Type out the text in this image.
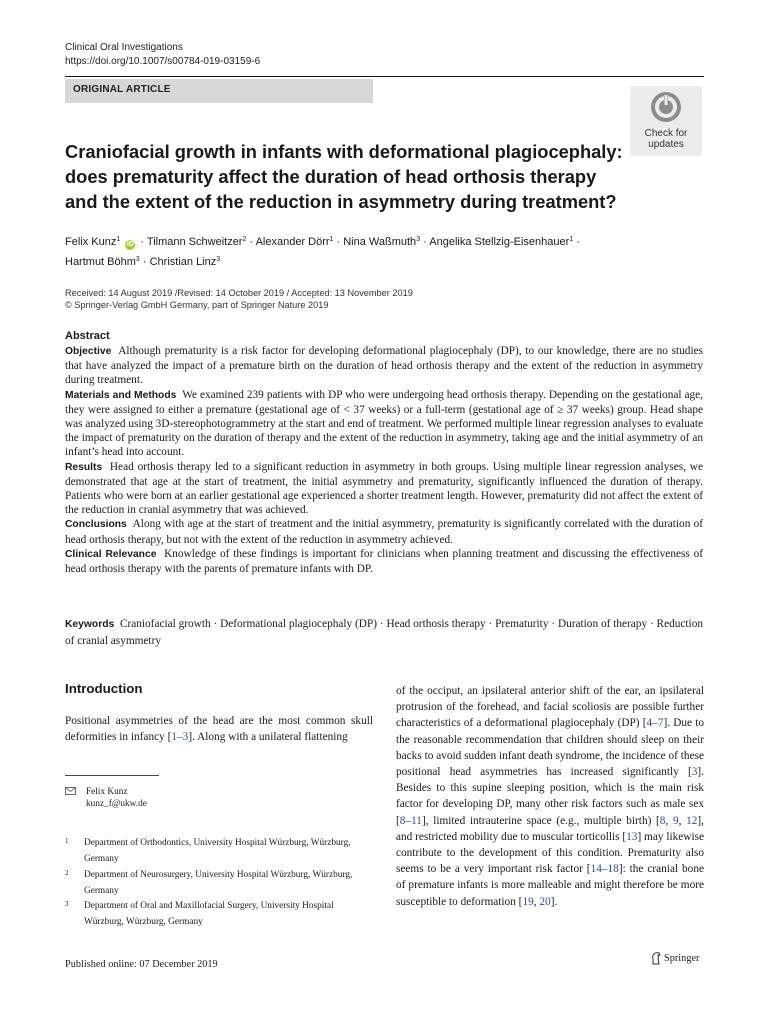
Clinical Oral Investigations
https://doi.org/10.1007/s00784-019-03159-6
ORIGINAL ARTICLE
Check for
updates
Craniofacial growth in infants with deformational plagiocephaly:
does prematurity affect the duration of head orthosis therapy
and the extent of the reduction in asymmetry during treatment?
Felix Kunz$^1$ iD · Tilmann Schweitzer$^2$ · Alexander Dörr$^1$ · Nina Waßmuth$^3$ · Angelika Stellzig-Eisenhauer$^1$ ·
Hartmut Böhm$^3$ · Christian Linz$^3$
Received: 14 August 2019 /Revised: 14 October 2019 / Accepted: 13 November 2019
© Springer-Verlag GmbH Germany, part of Springer Nature 2019
Abstract

Objective Although prematurity is a risk factor for developing deformational plagiocephaly (DP), to our knowledge, there are no studies that have analyzed the impact of a premature birth on the duration of head orthosis therapy and the extent of the reduction in asymmetry during treatment.

Materials and Methods We examined 239 patients with DP who were undergoing head orthosis therapy. Depending on the gestational age, they were assigned to either a premature (gestational age of < 37 weeks) or a full-term (gestational age of ≥ 37 weeks) group. Head shape was analyzed using 3D-stereophotogrammetry at the start and end of treatment. We performed multiple linear regression analyses to evaluate the impact of prematurity on the duration of therapy and the extent of the reduction in asymmetry, taking age and the initial asymmetry of an infant’s head into account.

Results Head orthosis therapy led to a significant reduction in asymmetry in both groups. Using multiple linear regression analyses, we demonstrated that age at the start of treatment, the initial asymmetry and prematurity, significantly influenced the duration of therapy. Patients who were born at an earlier gestational age experienced a shorter treatment length. However, prematurity did not affect the extent of the reduction in cranial asymmetry that was achieved.

Conclusions Along with age at the start of treatment and the initial asymmetry, prematurity is significantly correlated with the duration of head orthosis therapy, but not with the extent of the reduction in asymmetry achieved.

Clinical Relevance Knowledge of these findings is important for clinicians when planning treatment and discussing the effectiveness of head orthosis therapy with the parents of premature infants with DP.

Keywords Craniofacial growth · Deformational plagiocephaly (DP) · Head orthosis therapy · Prematurity · Duration of therapy · Reduction of cranial asymmetry
Introduction

Positional asymmetries of the head are the most common skull deformities in infancy [1–3]. Along with a unilateral flattening

of the occiput, an ipsilateral anterior shift of the ear, an ipsilateral protrusion of the forehead, and facial scoliosis are possible further characteristics of a deformational plagiocephaly (DP) [4–7]. Due to the reasonable recommendation that children should sleep on their backs to avoid sudden infant death syndrome, the incidence of these positional head asymmetries has increased significantly [3]. Besides to this supine sleeping position, which is the main risk factor for developing DP, many other risk factors such as male sex [8–11], limited intrauterine space (e.g., multiple birth) [8, 9, 12], and restricted mobility due to muscular torticollis [13] may likewise contribute to the development of this condition. Prematurity also seems to be a very important risk factor [14–18]: the cranial bone of premature infants is more malleable and might therefore be more susceptible to deformation [19, 20].

Felix Kunz
kunz_f@ukw.de
1 Department of Orthodontics, University Hospital Würzburg, Würzburg, Germany
2 Department of Neurosurgery, University Hospital Würzburg, Würzburg, Germany
3 Department of Oral and Maxillofacial Surgery, University Hospital Würzburg, Würzburg, Germany
Published online: 07 December 2019
Springer
